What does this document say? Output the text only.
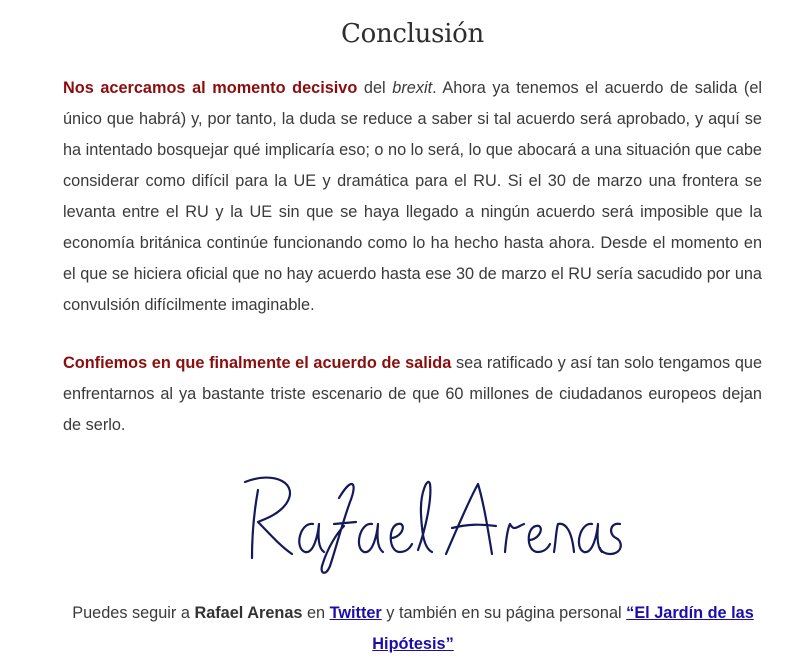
Conclusión

Nos acercamos al momento decisivo del brexit. Ahora ya tenemos el acuerdo de salida (el único que habrá) y, por tanto, la duda se reduce a saber si tal acuerdo será aprobado, y aquí se ha intentado bosquejar qué implicaría eso; o no lo será, lo que abocará a una situación que cabe considerar como difícil para la UE y dramática para el RU. Si el 30 de marzo una frontera se levanta entre el RU y la UE sin que se haya llegado a ningún acuerdo será imposible que la economía británica continúe funcionando como lo ha hecho hasta ahora. Desde el momento en el que se hiciera oficial que no hay acuerdo hasta ese 30 de marzo el RU sería sacudido por una convulsión difícilmente imaginable.

Confiemos en que finalmente el acuerdo de salida sea ratificado y así tan solo tengamos que enfrentarnos al ya bastante triste escenario de que 60 millones de ciudadanos europeos dejan de serlo.

Puedes seguir a Rafael Arenas en Twitter y también en su página personal “El Jardín de las Hipótesis”
